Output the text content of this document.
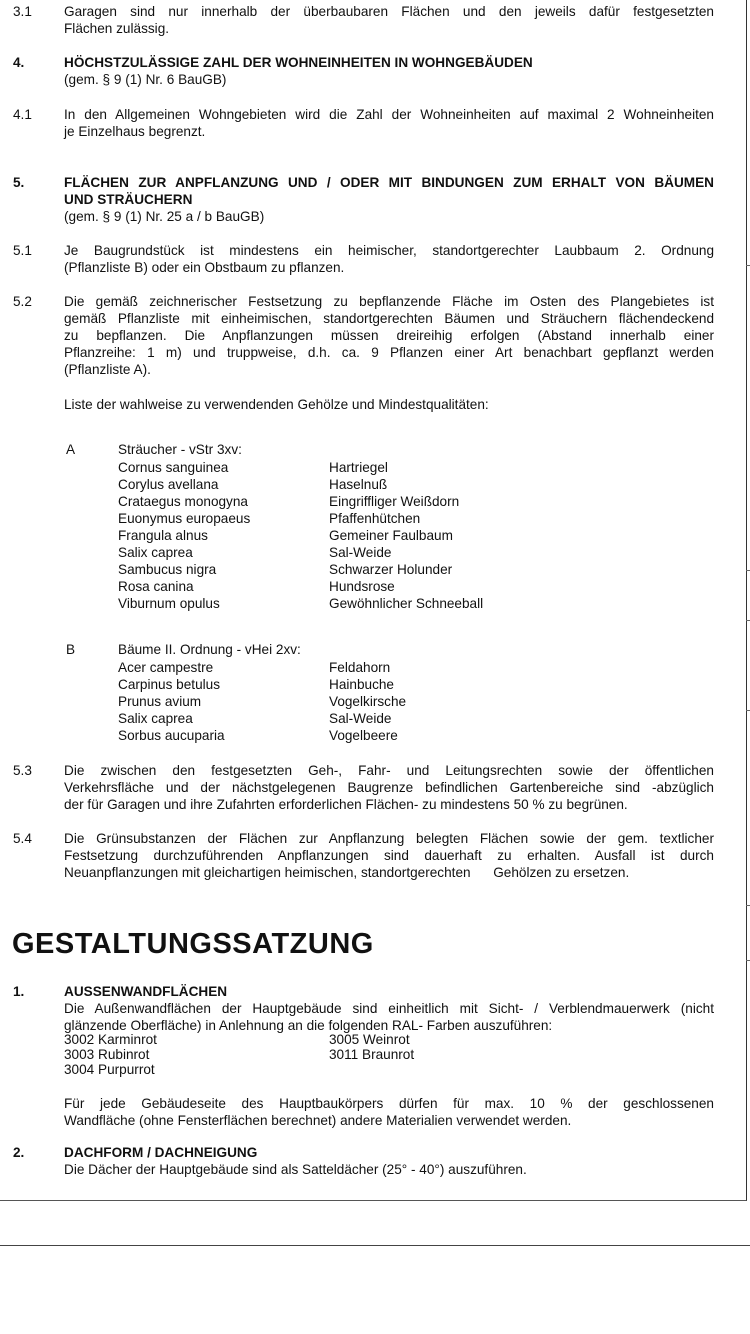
3.1 Garagen sind nur innerhalb der überbaubaren Flächen und den jeweils dafür festgesetzten
Flächen zulässig.
4.	HÖCHSTZULÄSSIGE ZAHL DER WOHNEINHEITEN IN WOHNGEBÄUDEN
(gem. § 9 (1) Nr. 6 BauGB)
4.1 In den Allgemeinen Wohngebieten wird die Zahl der Wohneinheiten auf maximal 2 Wohneinheiten
je Einzelhaus begrenzt.
5.	FLÄCHEN ZUR ANPFLANZUNG UND / ODER MIT BINDUNGEN ZUM ERHALT VON BÄUMEN
UND STRÄUCHERN
(gem. § 9 (1) Nr. 25 a / b BauGB)
5.1 Je Baugrundstück ist mindestens ein heimischer, standortgerechter Laubbaum 2. Ordnung
(Pflanzliste B) oder ein Obstbaum zu pflanzen.
5.2 Die gemäß zeichnerischer Festsetzung zu bepflanzende Fläche im Osten des Plangebietes ist
gemäß Pflanzliste mit einheimischen, standortgerechten Bäumen und Sträuchern flächendeckend
zu bepflanzen. Die Anpflanzungen müssen dreireihig erfolgen (Abstand innerhalb einer
Pflanzreihe: 1 m) und truppweise, d.h. ca. 9 Pflanzen einer Art benachbart gepflanzt werden
(Pflanzliste A).
Liste der wahlweise zu verwendenden Gehölze und Mindestqualitäten:
A	Sträucher - vStr 3xv:
Cornus sanguinea	Hartriegel
Corylus avellana	Haselnuß
Crataegus monogyna	Eingriffliger Weißdorn
Euonymus europaeus	Pfaffenhütchen
Frangula alnus	Gemeiner Faulbaum
Salix caprea	Sal-Weide
Sambucus nigra	Schwarzer Holunder
Rosa canina	Hundsrose
Viburnum opulus	Gewöhnlicher Schneeball
B	Bäume II. Ordnung - vHei 2xv:
Acer campestre	Feldahorn
Carpinus betulus	Hainbuche
Prunus avium	Vogelkirsche
Salix caprea	Sal-Weide
Sorbus aucuparia	Vogelbeere
5.3 Die zwischen den festgesetzten Geh-, Fahr- und Leitungsrechten sowie der öffentlichen
Verkehrsfläche und der nächstgelegenen Baugrenze befindlichen Gartenbereiche sind -abzüglich
der für Garagen und ihre Zufahrten erforderlichen Flächen- zu mindestens 50 % zu begrünen.
5.4 Die Grünsubstanzen der Flächen zur Anpflanzung belegten Flächen sowie der gem. textlicher
Festsetzung durchzuführenden Anpflanzungen sind dauerhaft zu erhalten. Ausfall ist durch
Neuanpflanzungen mit gleichartigen heimischen, standortgerechten      Gehölzen zu ersetzen.
GESTALTUNGSSATZUNG
1.	AUSSENWANDFLÄCHEN
Die Außenwandflächen der Hauptgebäude sind einheitlich mit Sicht- / Verblendmauerwerk (nicht
glänzende Oberfläche) in Anlehnung an die folgenden RAL- Farben auszuführen:
3002 Karminrot	3005 Weinrot
3003 Rubinrot	3011 Braunrot
3004 Purpurrot
Für jede Gebäudeseite des Hauptbaukörpers dürfen für max. 10 % der geschlossenen
Wandfläche (ohne Fensterflächen berechnet) andere Materialien verwendet werden.
2.	DACHFORM / DACHNEIGUNG
Die Dächer der Hauptgebäude sind als Satteldächer (25° - 40°) auszuführen.
